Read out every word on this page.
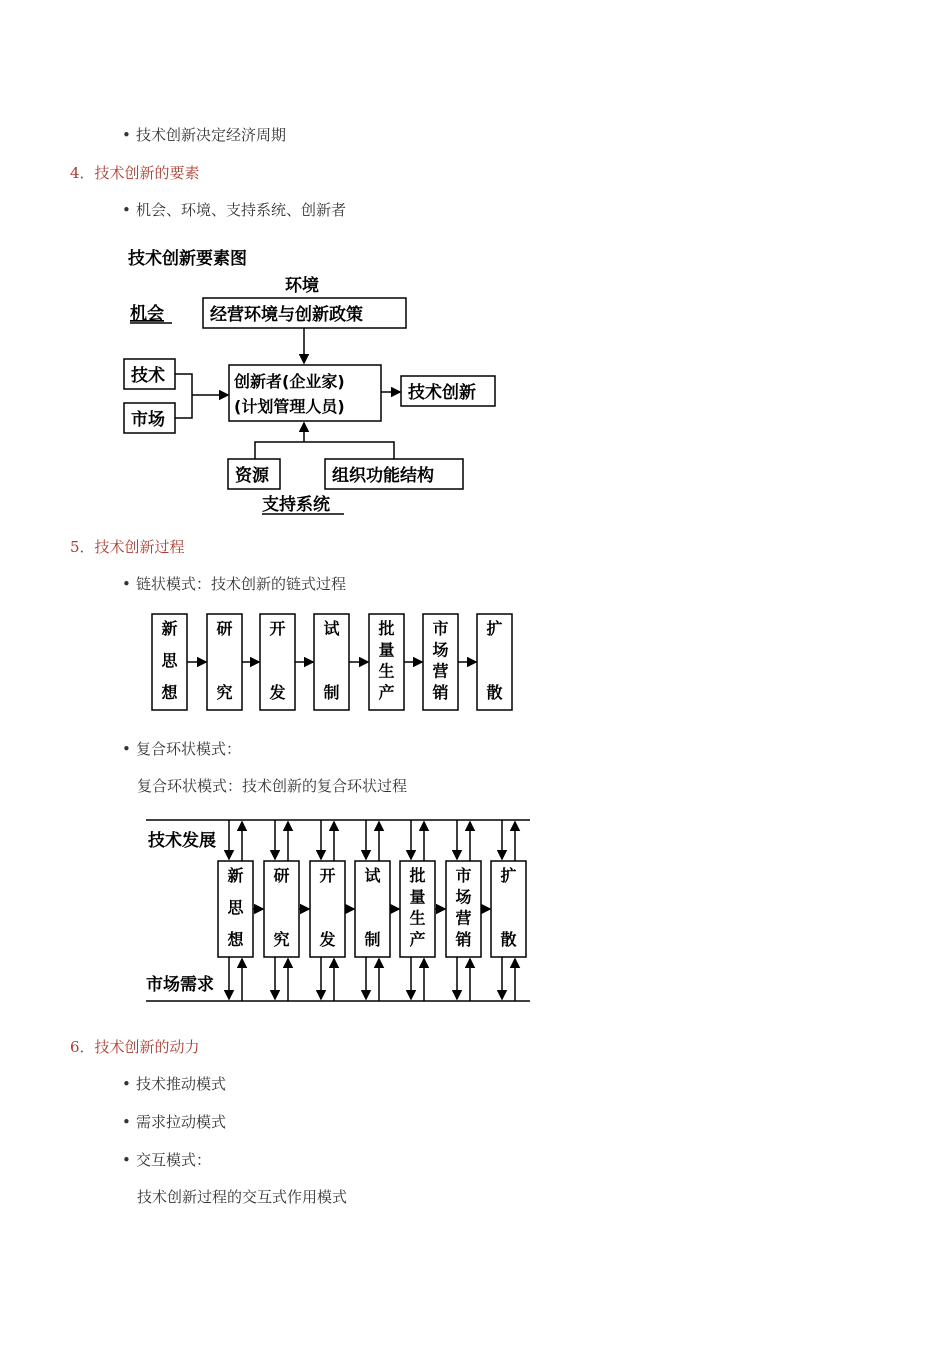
• 技术创新决定经济周期
4．技术创新的要素
• 机会、环境、支持系统、创新者
5．技术创新过程
• 链状模式：技术创新的链式过程
• 复合环状模式：
复合环状模式：技术创新的复合环状过程
6．技术创新的动力
• 技术推动模式
• 需求拉动模式
• 交互模式：
技术创新过程的交互式作用模式
技术创新要素图
环境
机会	经营环境与创新政策
技术
市场
创新者(企业家)
(计划管理人员)
技术创新
资源	组织功能结构
支持系统
新
思
想
研
究
开
发
试
制
批
量
生
产
市
场
营
销
扩
散
技术发展
市场需求
新
思
想
研
究
开
发
试
制
批
量
生
产
市
场
营
销
扩
散
